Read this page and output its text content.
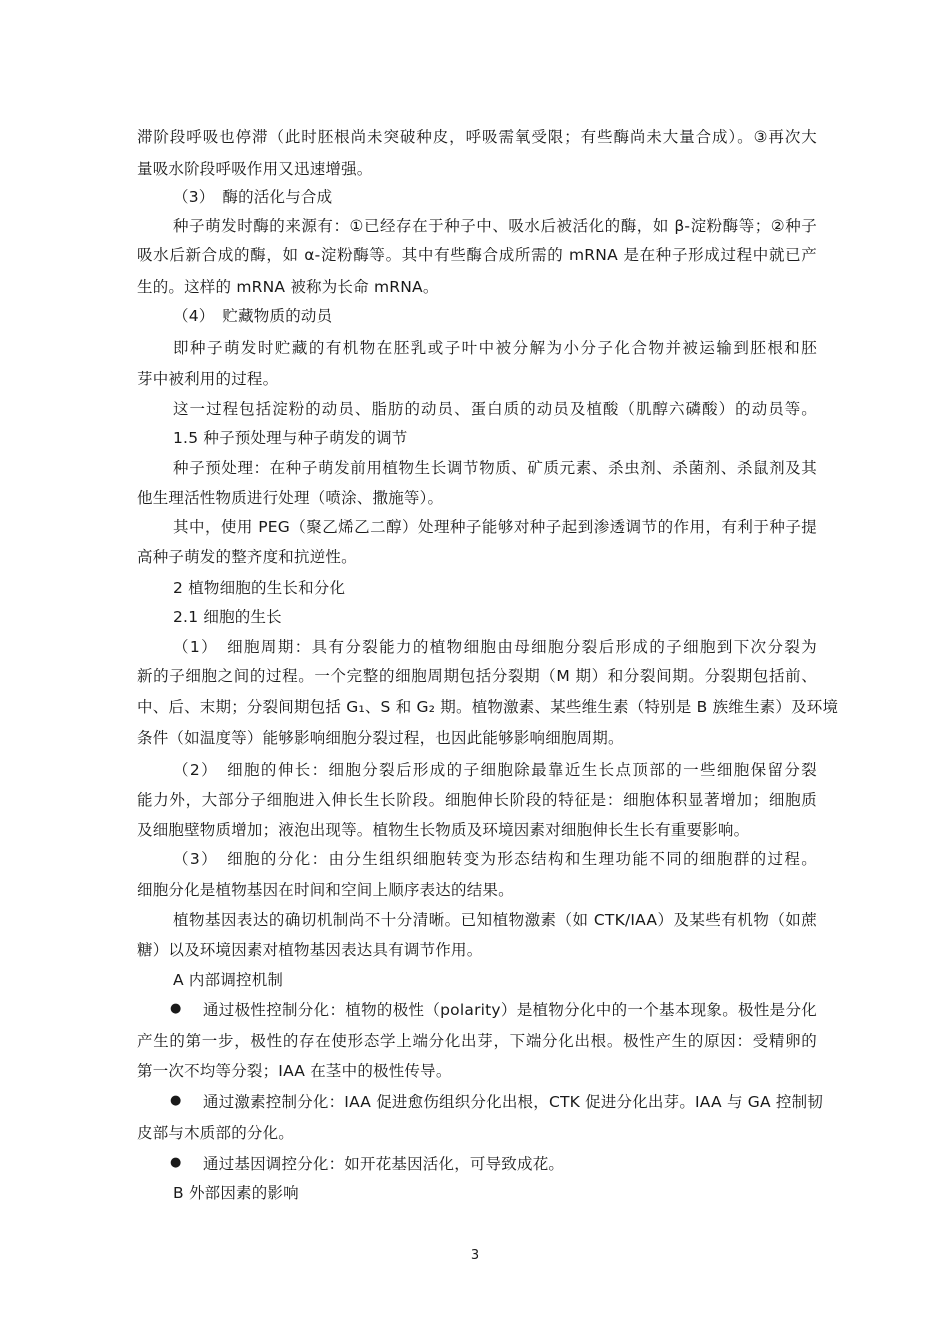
滞阶段呼吸也停滞（此时胚根尚未突破种皮，呼吸需氧受限；有些酶尚未大量合成）。③再次大
量吸水阶段呼吸作用又迅速增强。
（3）　酶的活化与合成
种子萌发时酶的来源有：①已经存在于种子中、吸水后被活化的酶，如 β-淀粉酶等；②种子
吸水后新合成的酶，如 α-淀粉酶等。其中有些酶合成所需的 mRNA 是在种子形成过程中就已产
生的。这样的 mRNA 被称为长命 mRNA。
（4）　贮藏物质的动员
即种子萌发时贮藏的有机物在胚乳或子叶中被分解为小分子化合物并被运输到胚根和胚
芽中被利用的过程。
这一过程包括淀粉的动员、脂肪的动员、蛋白质的动员及植酸（肌醇六磷酸）的动员等。
1.5 种子预处理与种子萌发的调节
种子预处理：在种子萌发前用植物生长调节物质、矿质元素、杀虫剂、杀菌剂、杀鼠剂及其
他生理活性物质进行处理（喷涂、撒施等）。
其中，使用 PEG（聚乙烯乙二醇）处理种子能够对种子起到渗透调节的作用，有利于种子提
高种子萌发的整齐度和抗逆性。
2 植物细胞的生长和分化
2.1 细胞的生长
（1）　细胞周期：具有分裂能力的植物细胞由母细胞分裂后形成的子细胞到下次分裂为
新的子细胞之间的过程。一个完整的细胞周期包括分裂期（M 期）和分裂间期。分裂期包括前、
中、后、末期；分裂间期包括 G₁、S 和 G₂ 期。植物激素、某些维生素（特别是 B 族维生素）及环境
条件（如温度等）能够影响细胞分裂过程，也因此能够影响细胞周期。
（2）　细胞的伸长：细胞分裂后形成的子细胞除最靠近生长点顶部的一些细胞保留分裂
能力外，大部分子细胞进入伸长生长阶段。细胞伸长阶段的特征是：细胞体积显著增加；细胞质
及细胞壁物质增加；液泡出现等。植物生长物质及环境因素对细胞伸长生长有重要影响。
（3）　细胞的分化：由分生组织细胞转变为形态结构和生理功能不同的细胞群的过程。
细胞分化是植物基因在时间和空间上顺序表达的结果。
植物基因表达的确切机制尚不十分清晰。已知植物激素（如 CTK/IAA）及某些有机物（如蔗
糖）以及环境因素对植物基因表达具有调节作用。
A 内部调控机制
● 通过极性控制分化：植物的极性（polarity）是植物分化中的一个基本现象。极性是分化
产生的第一步，极性的存在使形态学上端分化出芽，下端分化出根。极性产生的原因：受精卵的
第一次不均等分裂；IAA 在茎中的极性传导。
● 通过激素控制分化：IAA 促进愈伤组织分化出根，CTK 促进分化出芽。IAA 与 GA 控制韧
皮部与木质部的分化。
● 通过基因调控分化：如开花基因活化，可导致成花。
B 外部因素的影响
3
